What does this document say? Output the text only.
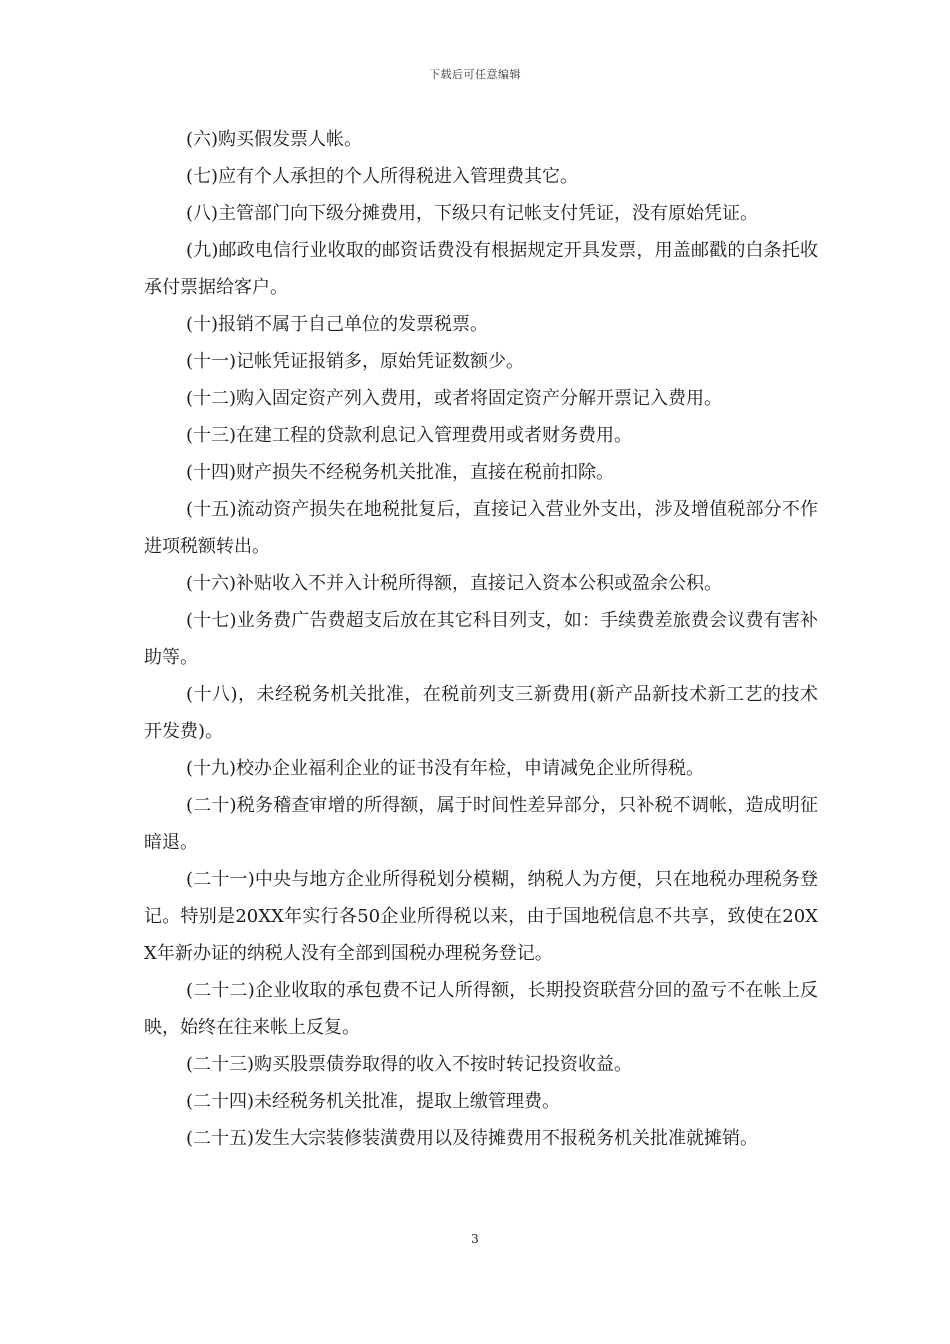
下载后可任意编辑

(六)购买假发票人帐。

(七)应有个人承担的个人所得税进入管理费其它。

(八)主管部门向下级分摊费用，下级只有记帐支付凭证，没有原始凭证。

(九)邮政电信行业收取的邮资话费没有根据规定开具发票，用盖邮戳的白条托收承付票据给客户。

(十)报销不属于自己单位的发票税票。

(十一)记帐凭证报销多，原始凭证数额少。

(十二)购入固定资产列入费用，或者将固定资产分解开票记入费用。

(十三)在建工程的贷款利息记入管理费用或者财务费用。

(十四)财产损失不经税务机关批准，直接在税前扣除。

(十五)流动资产损失在地税批复后，直接记入营业外支出，涉及增值税部分不作进项税额转出。

(十六)补贴收入不并入计税所得额，直接记入资本公积或盈余公积。

(十七)业务费广告费超支后放在其它科目列支，如：手续费差旅费会议费有害补助等。

(十八)，未经税务机关批准，在税前列支三新费用(新产品新技术新工艺的技术开发费)。

(十九)校办企业福利企业的证书没有年检，申请减免企业所得税。

(二十)税务稽查审增的所得额，属于时间性差异部分，只补税不调帐，造成明征暗退。

(二十一)中央与地方企业所得税划分模糊，纳税人为方便，只在地税办理税务登记。特别是20XX年实行各50企业所得税以来，由于国地税信息不共享，致使在20XX年新办证的纳税人没有全部到国税办理税务登记。

(二十二)企业收取的承包费不记人所得额，长期投资联营分回的盈亏不在帐上反映，始终在往来帐上反复。

(二十三)购买股票债券取得的收入不按时转记投资收益。

(二十四)未经税务机关批准，提取上缴管理费。

(二十五)发生大宗装修装潢费用以及待摊费用不报税务机关批准就摊销。

3
